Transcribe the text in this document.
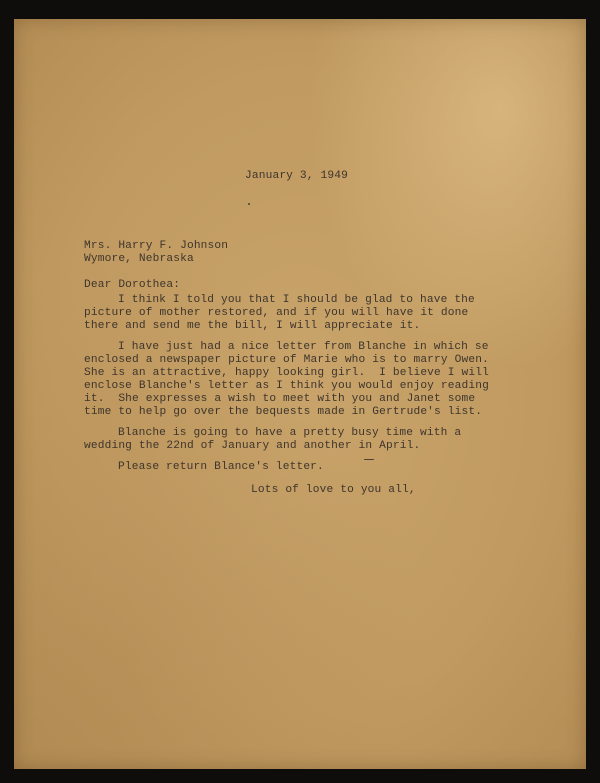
January 3, 1949
Mrs. Harry F. Johnson
Wymore, Nebraska
Dear Dorothea:
I think I told you that I should be glad to have the
picture of mother restored, and if you will have it done
there and send me the bill, I will appreciate it.
I have just had a nice letter from Blanche in which se
enclosed a newspaper picture of Marie who is to marry Owen.
She is an attractive, happy looking girl.  I believe I will
enclose Blanche's letter as I think you would enjoy reading
it.  She expresses a wish to meet with you and Janet some
time to help go over the bequests made in Gertrude's list.
Blanche is going to have a pretty busy time with a
wedding the 22nd of January and another in April.
Please return Blance's letter.
Lots of love to you all,
